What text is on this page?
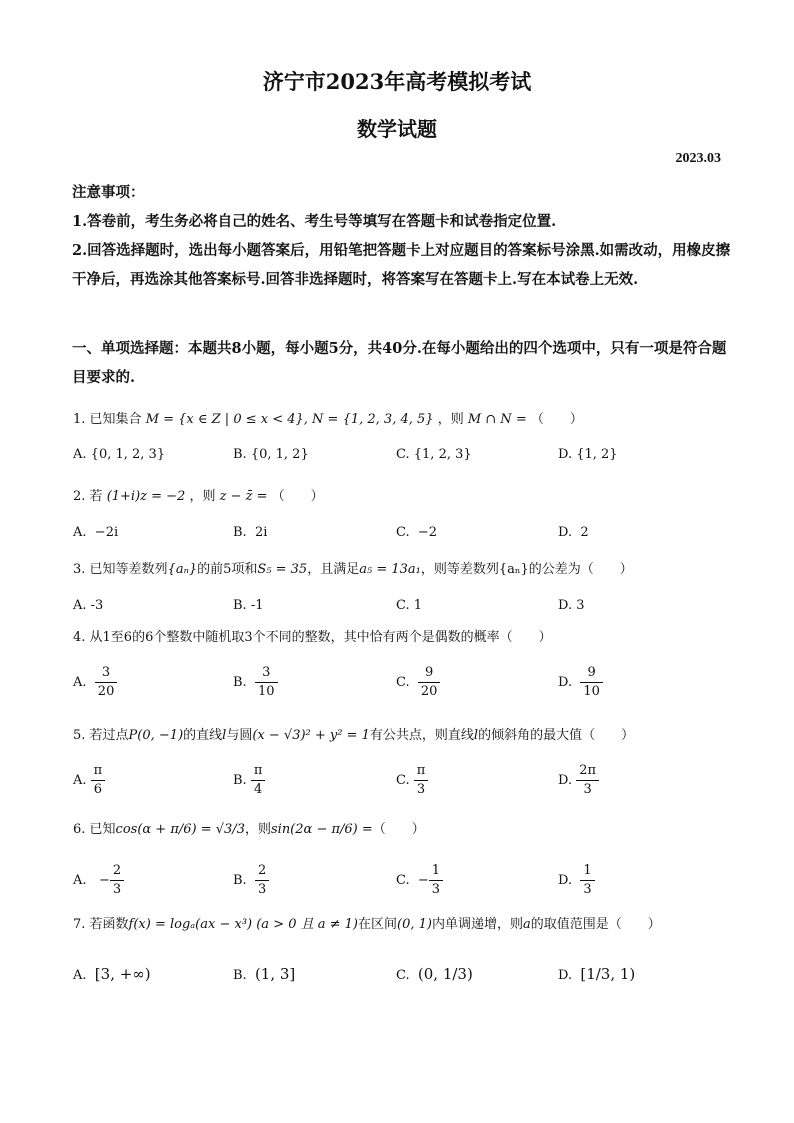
济宁市2023年高考模拟考试
数学试题
2023.03
注意事项：
1.答卷前，考生务必将自己的姓名、考生号等填写在答题卡和试卷指定位置.
2.回答选择题时，选出每小题答案后，用铅笔把答题卡上对应题目的答案标号涂黑.如需改动，用橡皮擦干净后，再选涂其他答案标号.回答非选择题时，将答案写在答题卡上.写在本试卷上无效.
一、单项选择题：本题共8小题，每小题5分，共40分.在每小题给出的四个选项中，只有一项是符合题目要求的.
1. 已知集合 M = {x ∈ Z | 0 ≤ x < 4}, N = {1, 2, 3, 4, 5} ，则 M ∩ N = （　　）
A. {0, 1, 2, 3}	B. {0, 1, 2}	C. {1, 2, 3}	D. {1, 2}
2. 若 (1+i)z = −2 ，则 z − z̄ = （　　）
A. −2i	B. 2i	C. −2	D. 2
3. 已知等差数列{aₙ}的前5项和S₅ = 35，且满足a₅ = 13a₁，则等差数列{aₙ}的公差为（　　）
A. -3	B. -1	C. 1	D. 3
4. 从1至6的6个整数中随机取3个不同的整数，其中恰有两个是偶数的概率（　　）
A. $\frac{3}{20}$	B. $\frac{3}{10}$	C. $\frac{9}{20}$	D. $\frac{9}{10}$
5. 若过点P(0, −1)的直线l与圆(x − √3)² + y² = 1有公共点，则直线l的倾斜角的最大值（　　）
A. $\frac{\pi}{6}$	B. $\frac{\pi}{4}$	C. $\frac{\pi}{3}$	D. $\frac{2\pi}{3}$
6. 已知cos(α + π/6) = √3/3，则sin(2α − π/6) =（　　）
A. − $\frac{2}{3}$	B. $\frac{2}{3}$	C. − $\frac{1}{3}$	D. $\frac{1}{3}$
7. 若函数f(x) = logₐ(ax − x³) (a > 0 且 a ≠ 1)在区间(0, 1)内单调递增，则a的取值范围是（　　）
A. [3, +∞)	B. (1, 3]	C. (0, 1/3)	D. [1/3, 1)
